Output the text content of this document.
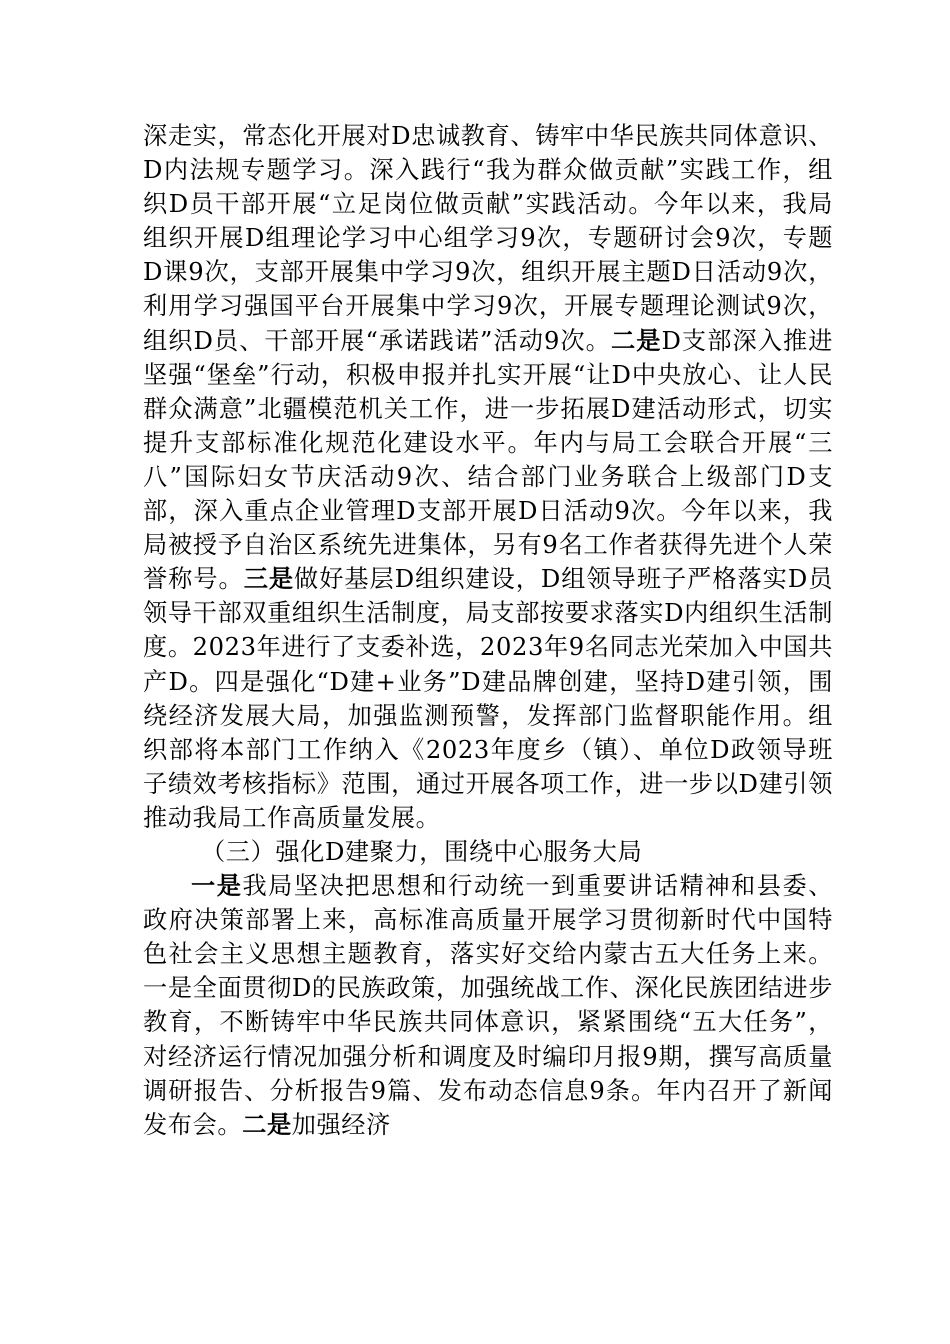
深走实，常态化开展对D忠诚教育、铸牢中华民族共同体意识、D内法规专题学习。深入践行“我为群众做贡献”实践工作，组织D员干部开展“立足岗位做贡献”实践活动。今年以来，我局组织开展D组理论学习中心组学习9次，专题研讨会9次，专题D课9次，支部开展集中学习9次，组织开展主题D日活动9次，利用学习强国平台开展集中学习9次，开展专题理论测试9次，组织D员、干部开展“承诺践诺”活动9次。二是D支部深入推进坚强“堡垒”行动，积极申报并扎实开展“让D中央放心、让人民群众满意”北疆模范机关工作，进一步拓展D建活动形式，切实提升支部标准化规范化建设水平。年内与局工会联合开展“三八”国际妇女节庆活动9次、结合部门业务联合上级部门D支部，深入重点企业管理D支部开展D日活动9次。今年以来，我局被授予自治区系统先进集体，另有9名工作者获得先进个人荣誉称号。三是做好基层D组织建设，D组领导班子严格落实D员领导干部双重组织生活制度，局支部按要求落实D内组织生活制度。2023年进行了支委补选，2023年9名同志光荣加入中国共产D。四是强化“D建+业务”D建品牌创建，坚持D建引领，围绕经济发展大局，加强监测预警，发挥部门监督职能作用。组织部将本部门工作纳入《2023年度乡（镇）、单位D政领导班子绩效考核指标》范围，通过开展各项工作，进一步以D建引领推动我局工作高质量发展。

（三）强化D建聚力，围绕中心服务大局

一是我局坚决把思想和行动统一到重要讲话精神和县委、政府决策部署上来，高标准高质量开展学习贯彻新时代中国特色社会主义思想主题教育，落实好交给内蒙古五大任务上来。一是全面贯彻D的民族政策，加强统战工作、深化民族团结进步教育，不断铸牢中华民族共同体意识，紧紧围绕“五大任务”，对经济运行情况加强分析和调度及时编印月报9期，撰写高质量调研报告、分析报告9篇、发布动态信息9条。年内召开了新闻发布会。二是加强经济
